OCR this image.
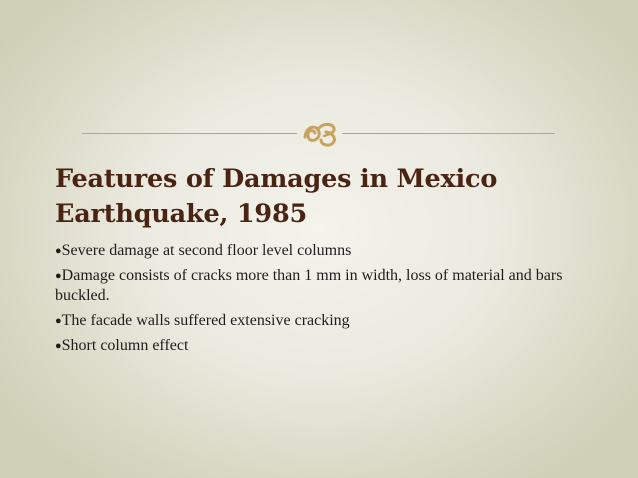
Features of Damages in Mexico
Earthquake, 1985
●Severe damage at second floor level columns
●Damage consists of cracks more than 1 mm in width, loss of material and bars buckled.
●The facade walls suffered extensive cracking
●Short column effect
